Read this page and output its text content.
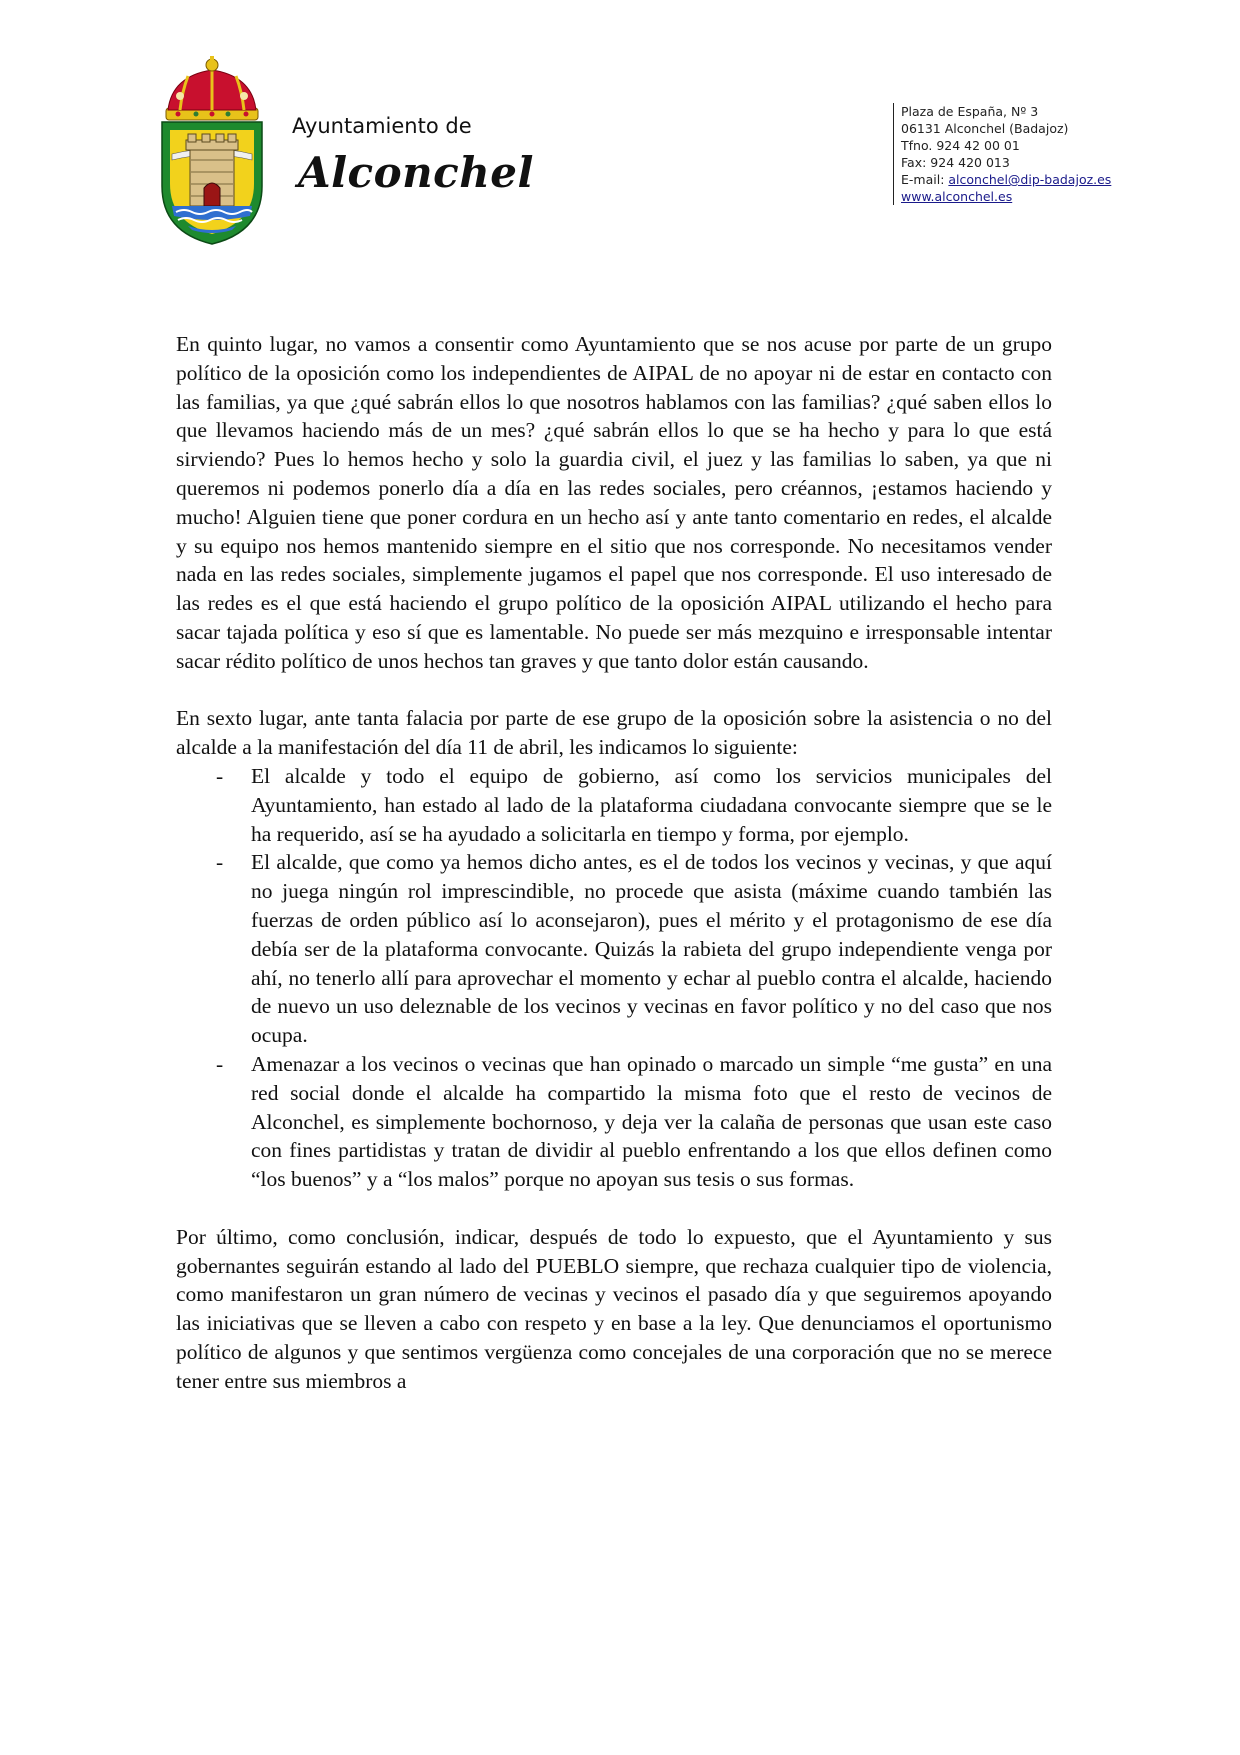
Ayuntamiento de
Alconchel
Plaza de España, Nº 3
06131 Alconchel (Badajoz)
Tfno. 924 42 00 01
Fax: 924 420 013
E-mail: alconchel@dip-badajoz.es
www.alconchel.es

En quinto lugar, no vamos a consentir como Ayuntamiento que se nos acuse por parte de un grupo político de la oposición como los independientes de AIPAL de no apoyar ni de estar en contacto con las familias, ya que ¿qué sabrán ellos lo que nosotros hablamos con las familias? ¿qué saben ellos lo que llevamos haciendo más de un mes? ¿qué sabrán ellos lo que se ha hecho y para lo que está sirviendo? Pues lo hemos hecho y solo la guardia civil, el juez y las familias lo saben, ya que ni queremos ni podemos ponerlo día a día en las redes sociales, pero créannos, ¡estamos haciendo y mucho! Alguien tiene que poner cordura en un hecho así y ante tanto comentario en redes, el alcalde y su equipo nos hemos mantenido siempre en el sitio que nos corresponde. No necesitamos vender nada en las redes sociales, simplemente jugamos el papel que nos corresponde. El uso interesado de las redes es el que está haciendo el grupo político de la oposición AIPAL utilizando el hecho para sacar tajada política y eso sí que es lamentable. No puede ser más mezquino e irresponsable intentar sacar rédito político de unos hechos tan graves y que tanto dolor están causando.

En sexto lugar, ante tanta falacia por parte de ese grupo de la oposición sobre la asistencia o no del alcalde a la manifestación del día 11 de abril, les indicamos lo siguiente:

- El alcalde y todo el equipo de gobierno, así como los servicios municipales del Ayuntamiento, han estado al lado de la plataforma ciudadana convocante siempre que se le ha requerido, así se ha ayudado a solicitarla en tiempo y forma, por ejemplo.
- El alcalde, que como ya hemos dicho antes, es el de todos los vecinos y vecinas, y que aquí no juega ningún rol imprescindible, no procede que asista (máxime cuando también las fuerzas de orden público así lo aconsejaron), pues el mérito y el protagonismo de ese día debía ser de la plataforma convocante. Quizás la rabieta del grupo independiente venga por ahí, no tenerlo allí para aprovechar el momento y echar al pueblo contra el alcalde, haciendo de nuevo un uso deleznable de los vecinos y vecinas en favor político y no del caso que nos ocupa.
- Amenazar a los vecinos o vecinas que han opinado o marcado un simple “me gusta” en una red social donde el alcalde ha compartido la misma foto que el resto de vecinos de Alconchel, es simplemente bochornoso, y deja ver la calaña de personas que usan este caso con fines partidistas y tratan de dividir al pueblo enfrentando a los que ellos definen como “los buenos” y a “los malos” porque no apoyan sus tesis o sus formas.

Por último, como conclusión, indicar, después de todo lo expuesto, que el Ayuntamiento y sus gobernantes seguirán estando al lado del PUEBLO siempre, que rechaza cualquier tipo de violencia, como manifestaron un gran número de vecinas y vecinos el pasado día y que seguiremos apoyando las iniciativas que se lleven a cabo con respeto y en base a la ley. Que denunciamos el oportunismo político de algunos y que sentimos vergüenza como concejales de una corporación que no se merece tener entre sus miembros a
